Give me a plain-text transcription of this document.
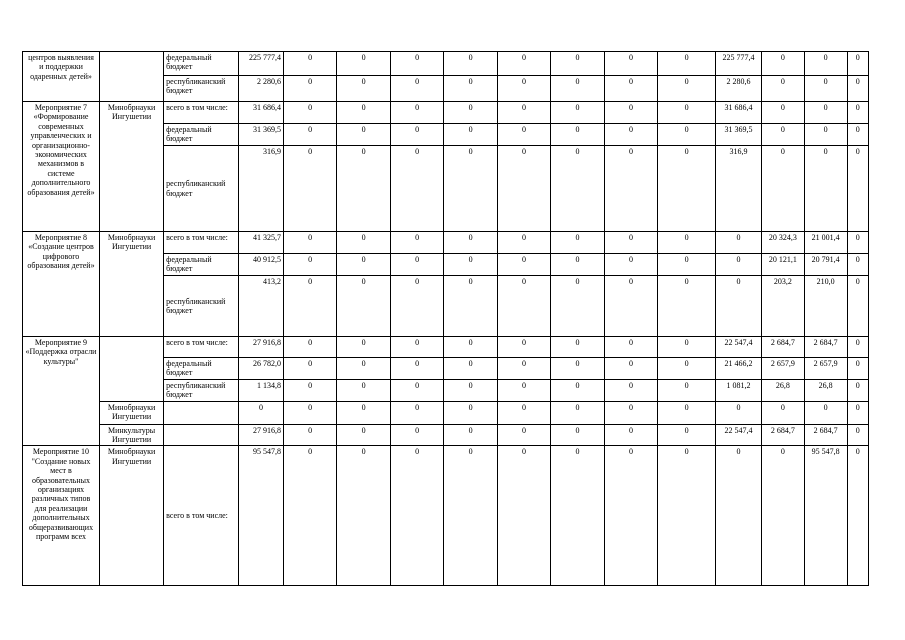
центров выявления и поддержки одаренных детей»		федеральный бюджет	225 777,4	0	0	0	0	0	0	0	0	225 777,4	0	0	0
		республиканский бюджет	2 280,6	0	0	0	0	0	0	0	0	2 280,6	0	0	0
Мероприятие 7 «Формирование современных управленческих и организационно-экономических механизмов в системе дополнительного образования детей»	Минобрнауки Ингушетии	всего в том числе:	31 686,4	0	0	0	0	0	0	0	0	31 686,4	0	0	0
		федеральный бюджет	31 369,5	0	0	0	0	0	0	0	0	31 369,5	0	0	0
		республиканский бюджет	316,9	0	0	0	0	0	0	0	0	316,9	0	0	0
Мероприятие 8 «Создание центров цифрового образования детей»	Минобрнауки Ингушетии	всего в том числе:	41 325,7	0	0	0	0	0	0	0	0	0	20 324,3	21 001,4	0
		федеральный бюджет	40 912,5	0	0	0	0	0	0	0	0	0	20 121,1	20 791,4	0
		республиканский бюджет	413,2	0	0	0	0	0	0	0	0	0	203,2	210,0	0
Мероприятие 9 «Поддержка отрасли культуры"		всего в том числе:	27 916,8	0	0	0	0	0	0	0	0	22 547,4	2 684,7	2 684,7	0
		федеральный бюджет	26 782,0	0	0	0	0	0	0	0	0	21 466,2	2 657,9	2 657,9	0
		республиканский бюджет	1 134,8	0	0	0	0	0	0	0	0	1 081,2	26,8	26,8	0
	Минобрнауки Ингушетии		0	0	0	0	0	0	0	0	0	0	0	0	0
	Минкультуры Ингушетии		27 916,8	0	0	0	0	0	0	0	0	22 547,4	2 684,7	2 684,7	0
Мероприятие 10 "Создание новых мест в образовательных организациях различных типов для реализации дополнительных общеразвивающих программ всех	Минобрнауки Ингушетии	всего в том числе:	95 547,8	0	0	0	0	0	0	0	0	0	0	95 547,8	0
